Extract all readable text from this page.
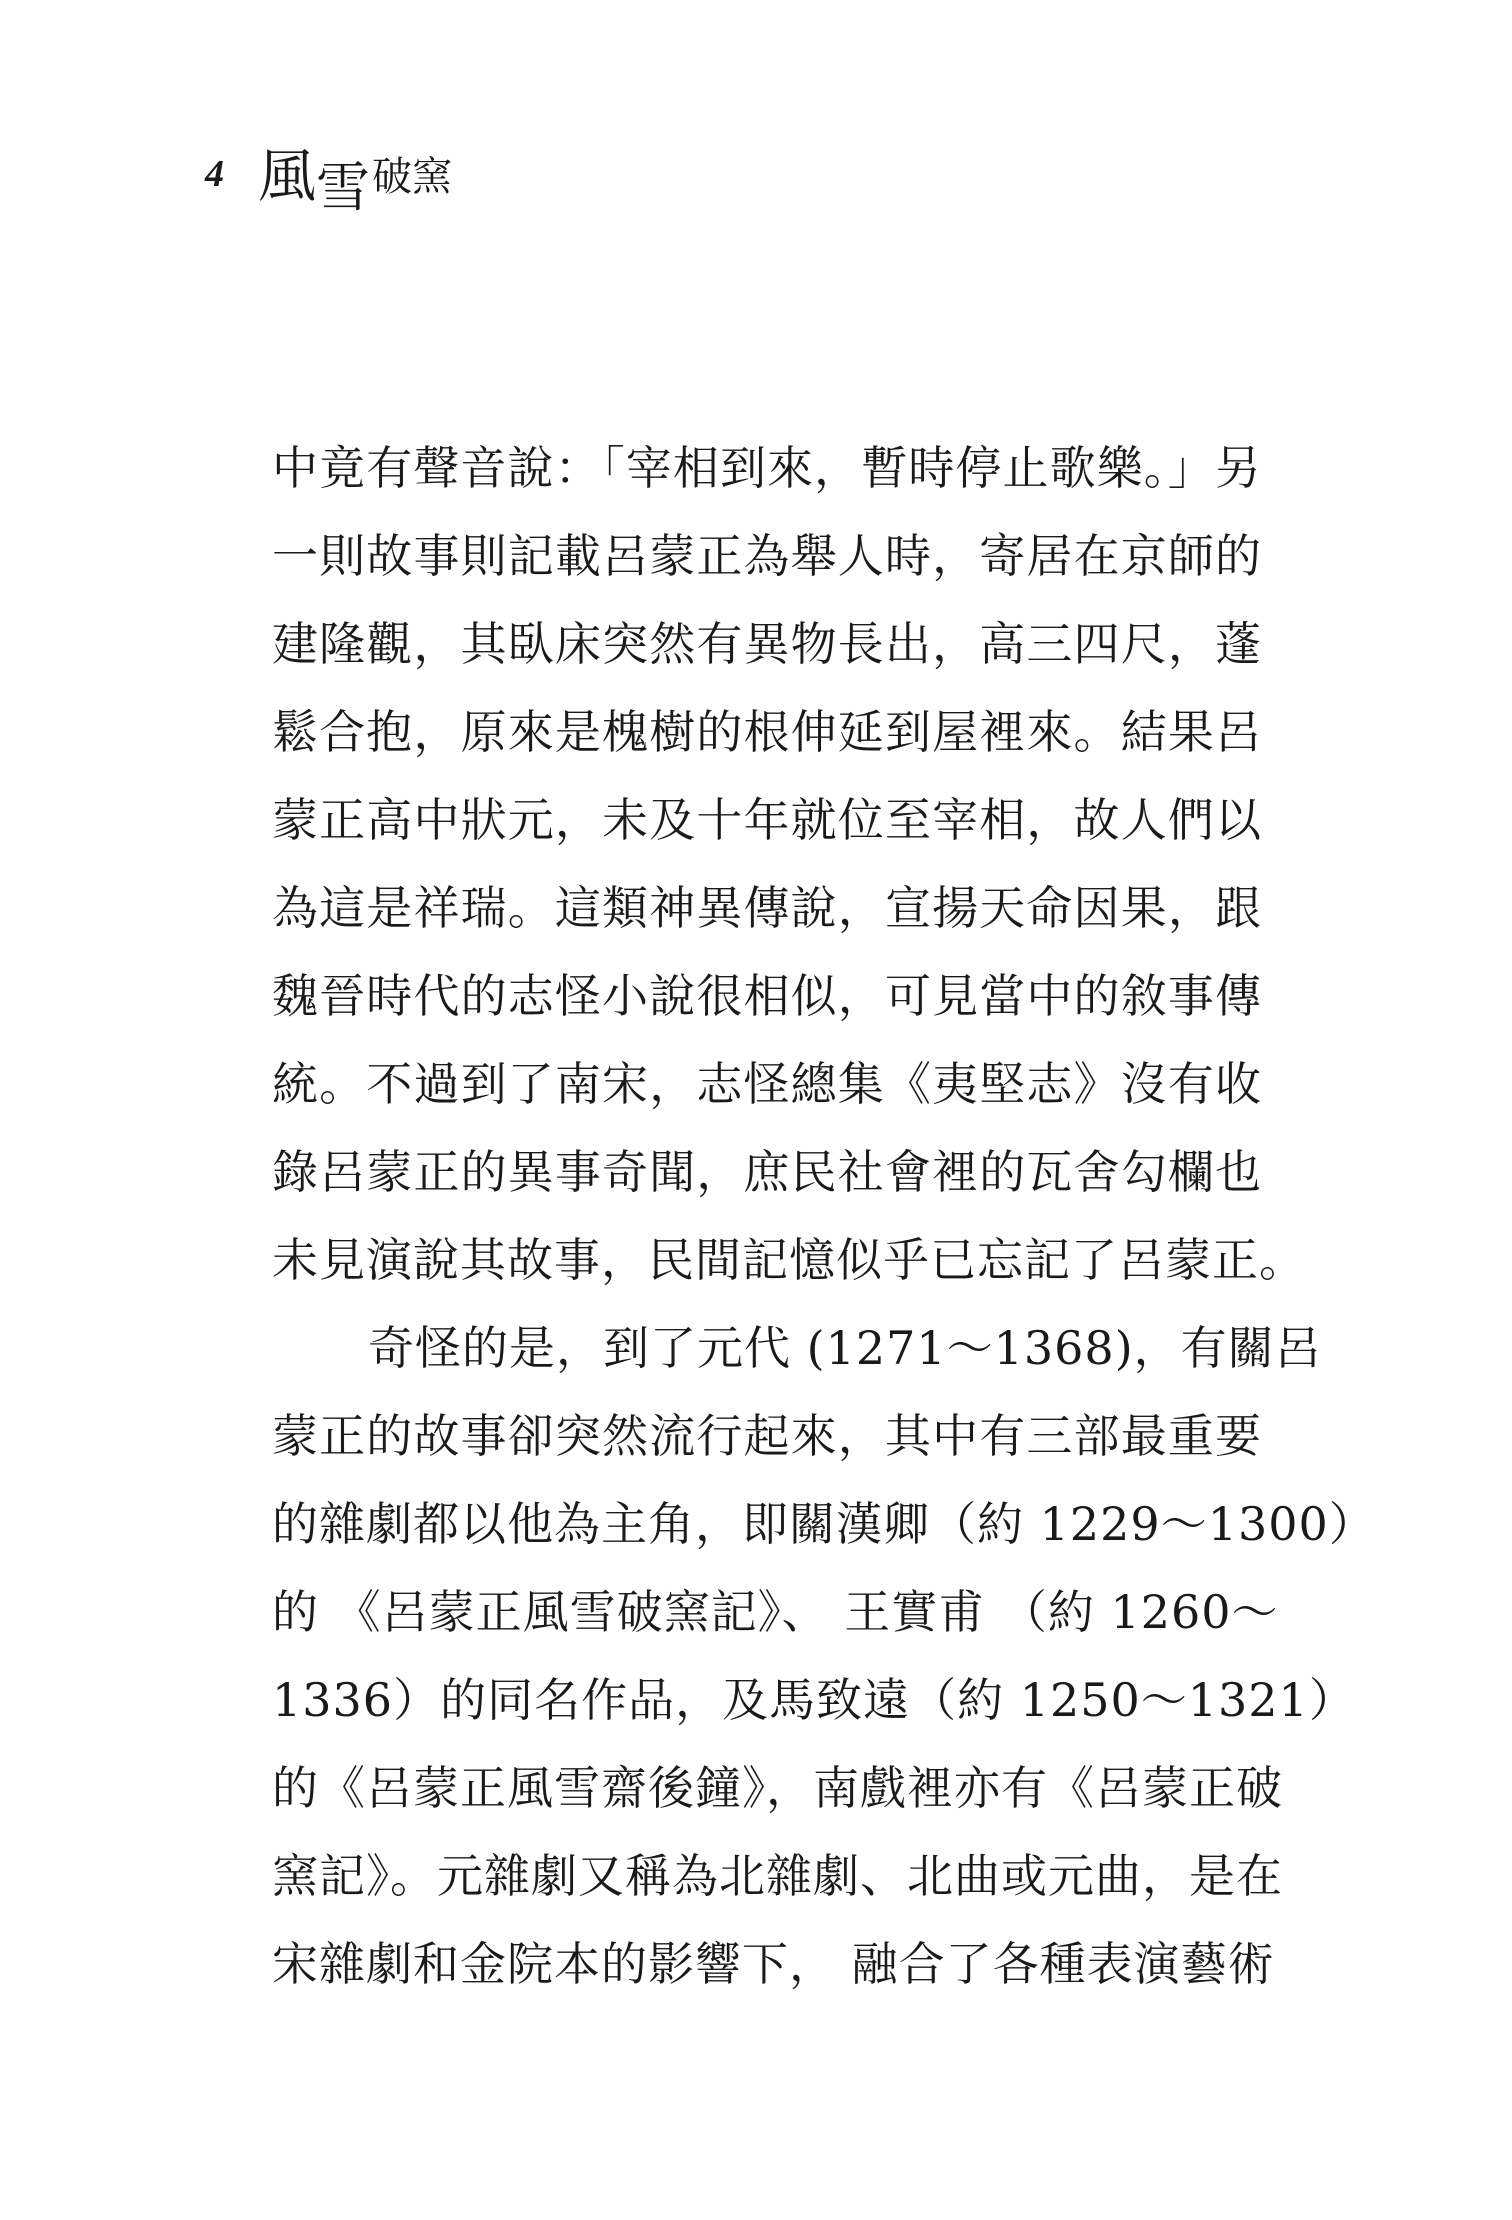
4 風 雪 破窯
中竟有聲音說：「宰相到來，暫時停止歌樂。」另
一則故事則記載呂蒙正為舉人時，寄居在京師的
建隆觀，其臥床突然有異物長出，高三四尺，蓬
鬆合抱，原來是槐樹的根伸延到屋裡來。結果呂
蒙正高中狀元，未及十年就位至宰相，故人們以
為這是祥瑞。這類神異傳說，宣揚天命因果，跟
魏晉時代的志怪小說很相似，可見當中的敘事傳
統。不過到了南宋，志怪總集《夷堅志》沒有收
錄呂蒙正的異事奇聞，庶民社會裡的瓦舍勾欄也
未見演說其故事，民間記憶似乎已忘記了呂蒙正。
奇怪的是，到了元代 (1271～1368)，有關呂
蒙正的故事卻突然流行起來，其中有三部最重要
的雜劇都以他為主角，即關漢卿（約 1229～1300）
的 《呂蒙正風雪破窯記》、 王實甫 （約 1260～
1336）的同名作品，及馬致遠（約 1250～1321）
的《呂蒙正風雪齋後鐘》，南戲裡亦有《呂蒙正破
窯記》。元雜劇又稱為北雜劇、北曲或元曲，是在
宋雜劇和金院本的影響下， 融合了各種表演藝術
